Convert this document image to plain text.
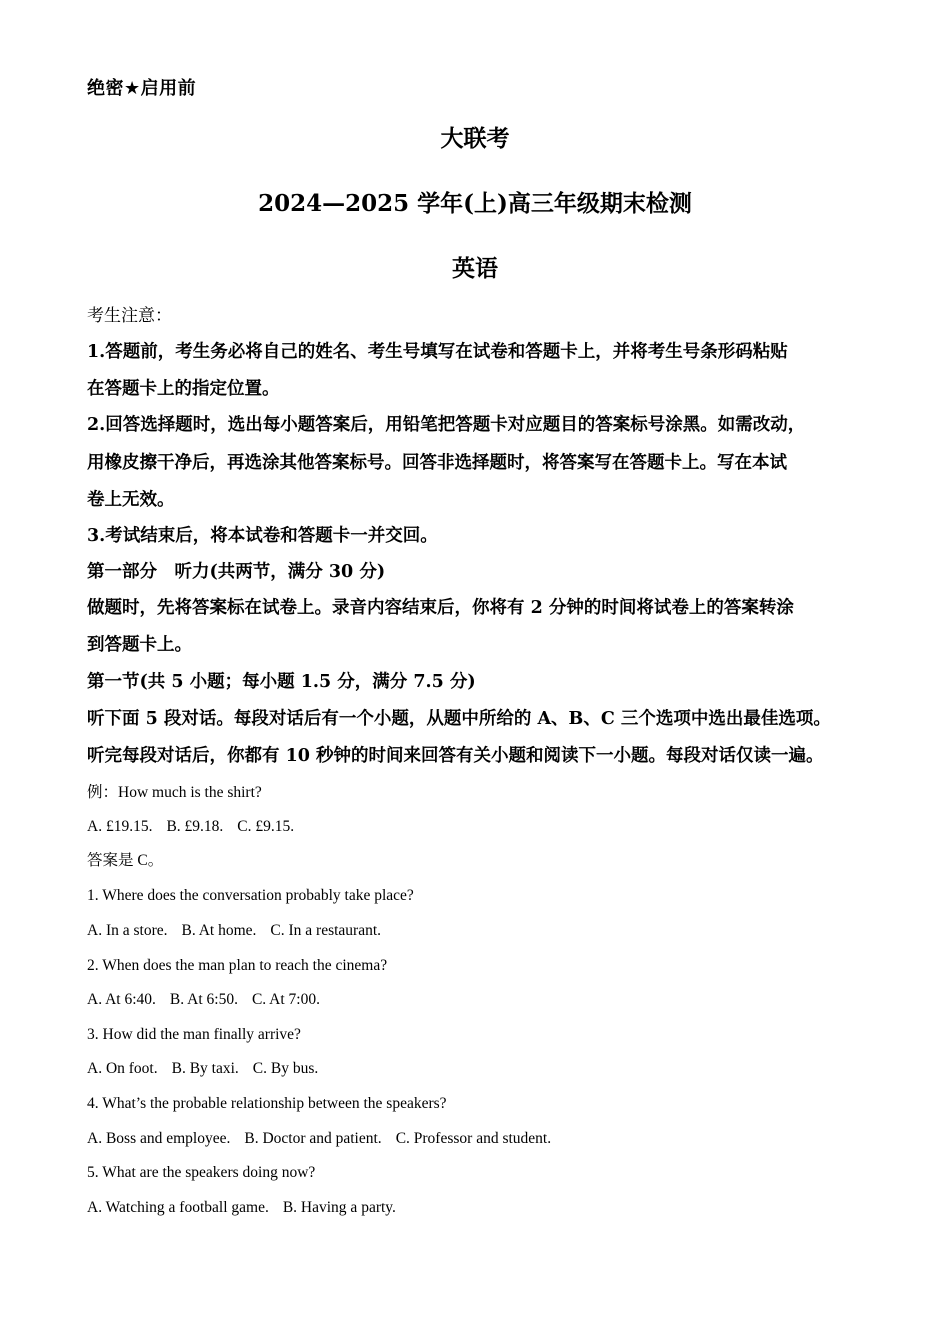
绝密★启用前
大联考
2024—2025 学年(上)高三年级期末检测
英语
考生注意：
1.答题前，考生务必将自己的姓名、考生号填写在试卷和答题卡上，并将考生号条形码粘贴
在答题卡上的指定位置。
2.回答选择题时，选出每小题答案后，用铅笔把答题卡对应题目的答案标号涂黑。如需改动，
用橡皮擦干净后，再选涂其他答案标号。回答非选择题时，将答案写在答题卡上。写在本试
卷上无效。
3.考试结束后，将本试卷和答题卡一并交回。
第一部分　听力(共两节，满分 30 分)
做题时，先将答案标在试卷上。录音内容结束后，你将有 2 分钟的时间将试卷上的答案转涂
到答题卡上。
第一节(共 5 小题；每小题 1.5 分，满分 7.5 分)
听下面 5 段对话。每段对话后有一个小题，从题中所给的 A、B、C 三个选项中选出最佳选项。
听完每段对话后，你都有 10 秒钟的时间来回答有关小题和阅读下一小题。每段对话仅读一遍。
例：How much is the shirt?
A. £19.15. B. £9.18. C. £9.15.
答案是 C。
1. Where does the conversation probably take place?
A. In a store. B. At home. C. In a restaurant.
2. When does the man plan to reach the cinema?
A. At 6:40. B. At 6:50. C. At 7:00.
3. How did the man finally arrive?
A. On foot. B. By taxi. C. By bus.
4. What’s the probable relationship between the speakers?
A. Boss and employee. B. Doctor and patient. C. Professor and student.
5. What are the speakers doing now?
A. Watching a football game. B. Having a party.
